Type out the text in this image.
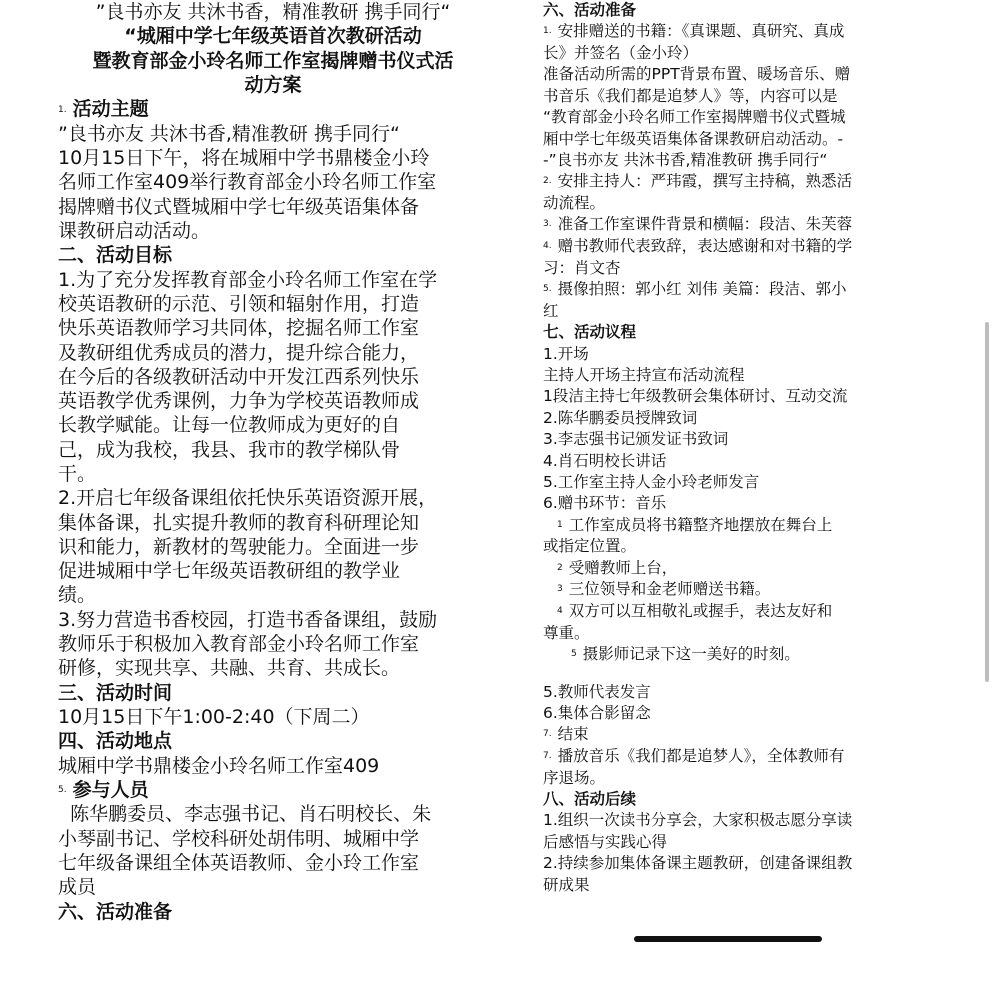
”良书亦友 共沐书香，精准教研 携手同行“
“城厢中学七年级英语首次教研活动
暨教育部金小玲名师工作室揭牌赠书仪式活
动方案
1. 活动主题
”良书亦友 共沐书香,精准教研 携手同行“
10月15日下午，将在城厢中学书鼎楼金小玲
名师工作室409举行教育部金小玲名师工作室
揭牌赠书仪式暨城厢中学七年级英语集体备
课教研启动活动。
二、活动目标
1.为了充分发挥教育部金小玲名师工作室在学
校英语教研的示范、引领和辐射作用，打造
快乐英语教师学习共同体，挖掘名师工作室
及教研组优秀成员的潜力，提升综合能力，
在今后的各级教研活动中开发江西系列快乐
英语教学优秀课例，力争为学校英语教师成
长教学赋能。让每一位教师成为更好的自
己，成为我校，我县、我市的教学梯队骨
干。
2.开启七年级备课组依托快乐英语资源开展，
集体备课，扎实提升教师的教育科研理论知
识和能力，新教材的驾驶能力。全面进一步
促进城厢中学七年级英语教研组的教学业
绩。
3.努力营造书香校园，打造书香备课组，鼓励
教师乐于积极加入教育部金小玲名师工作室
研修，实现共享、共融、共育、共成长。
三、活动时间
10月15日下午1:00-2:40（下周二）
四、活动地点
城厢中学书鼎楼金小玲名师工作室409
5. 参与人员
陈华鹏委员、李志强书记、肖石明校长、朱
小琴副书记、学校科研处胡伟明、城厢中学
七年级备课组全体英语教师、金小玲工作室
成员
六、活动准备
六、活动准备
1. 安排赠送的书籍：《真课题、真研究、真成
长》并签名（金小玲）
准备活动所需的PPT背景布置、暖场音乐、赠
书音乐《我们都是追梦人》等，内容可以是
“教育部金小玲名师工作室揭牌赠书仪式暨城
厢中学七年级英语集体备课教研启动活动。-
-”良书亦友 共沐书香,精准教研 携手同行“
2. 安排主持人：严玮霞，撰写主持稿，熟悉活
动流程。
3. 准备工作室课件背景和横幅：段洁、朱芙蓉
4. 赠书教师代表致辞，表达感谢和对书籍的学
习：肖文杏
5. 摄像拍照：郭小红 刘伟 美篇：段洁、郭小
红
七、活动议程
1.开场
主持人开场主持宣布活动流程
1段洁主持七年级教研会集体研讨、互动交流
2.陈华鹏委员授牌致词
3.李志强书记颁发证书致词
4.肖石明校长讲话
5.工作室主持人金小玲老师发言
6.赠书环节：音乐
1 工作室成员将书籍整齐地摆放在舞台上
或指定位置。
2 受赠教师上台，
3 三位领导和金老师赠送书籍。
4 双方可以互相敬礼或握手，表达友好和
尊重。
5 摄影师记录下这一美好的时刻。
5.教师代表发言
6.集体合影留念
7. 结束
7. 播放音乐《我们都是追梦人》，全体教师有
序退场。
八、活动后续
1.组织一次读书分享会，大家积极志愿分享读
后感悟与实践心得
2.持续参加集体备课主题教研，创建备课组教
研成果
